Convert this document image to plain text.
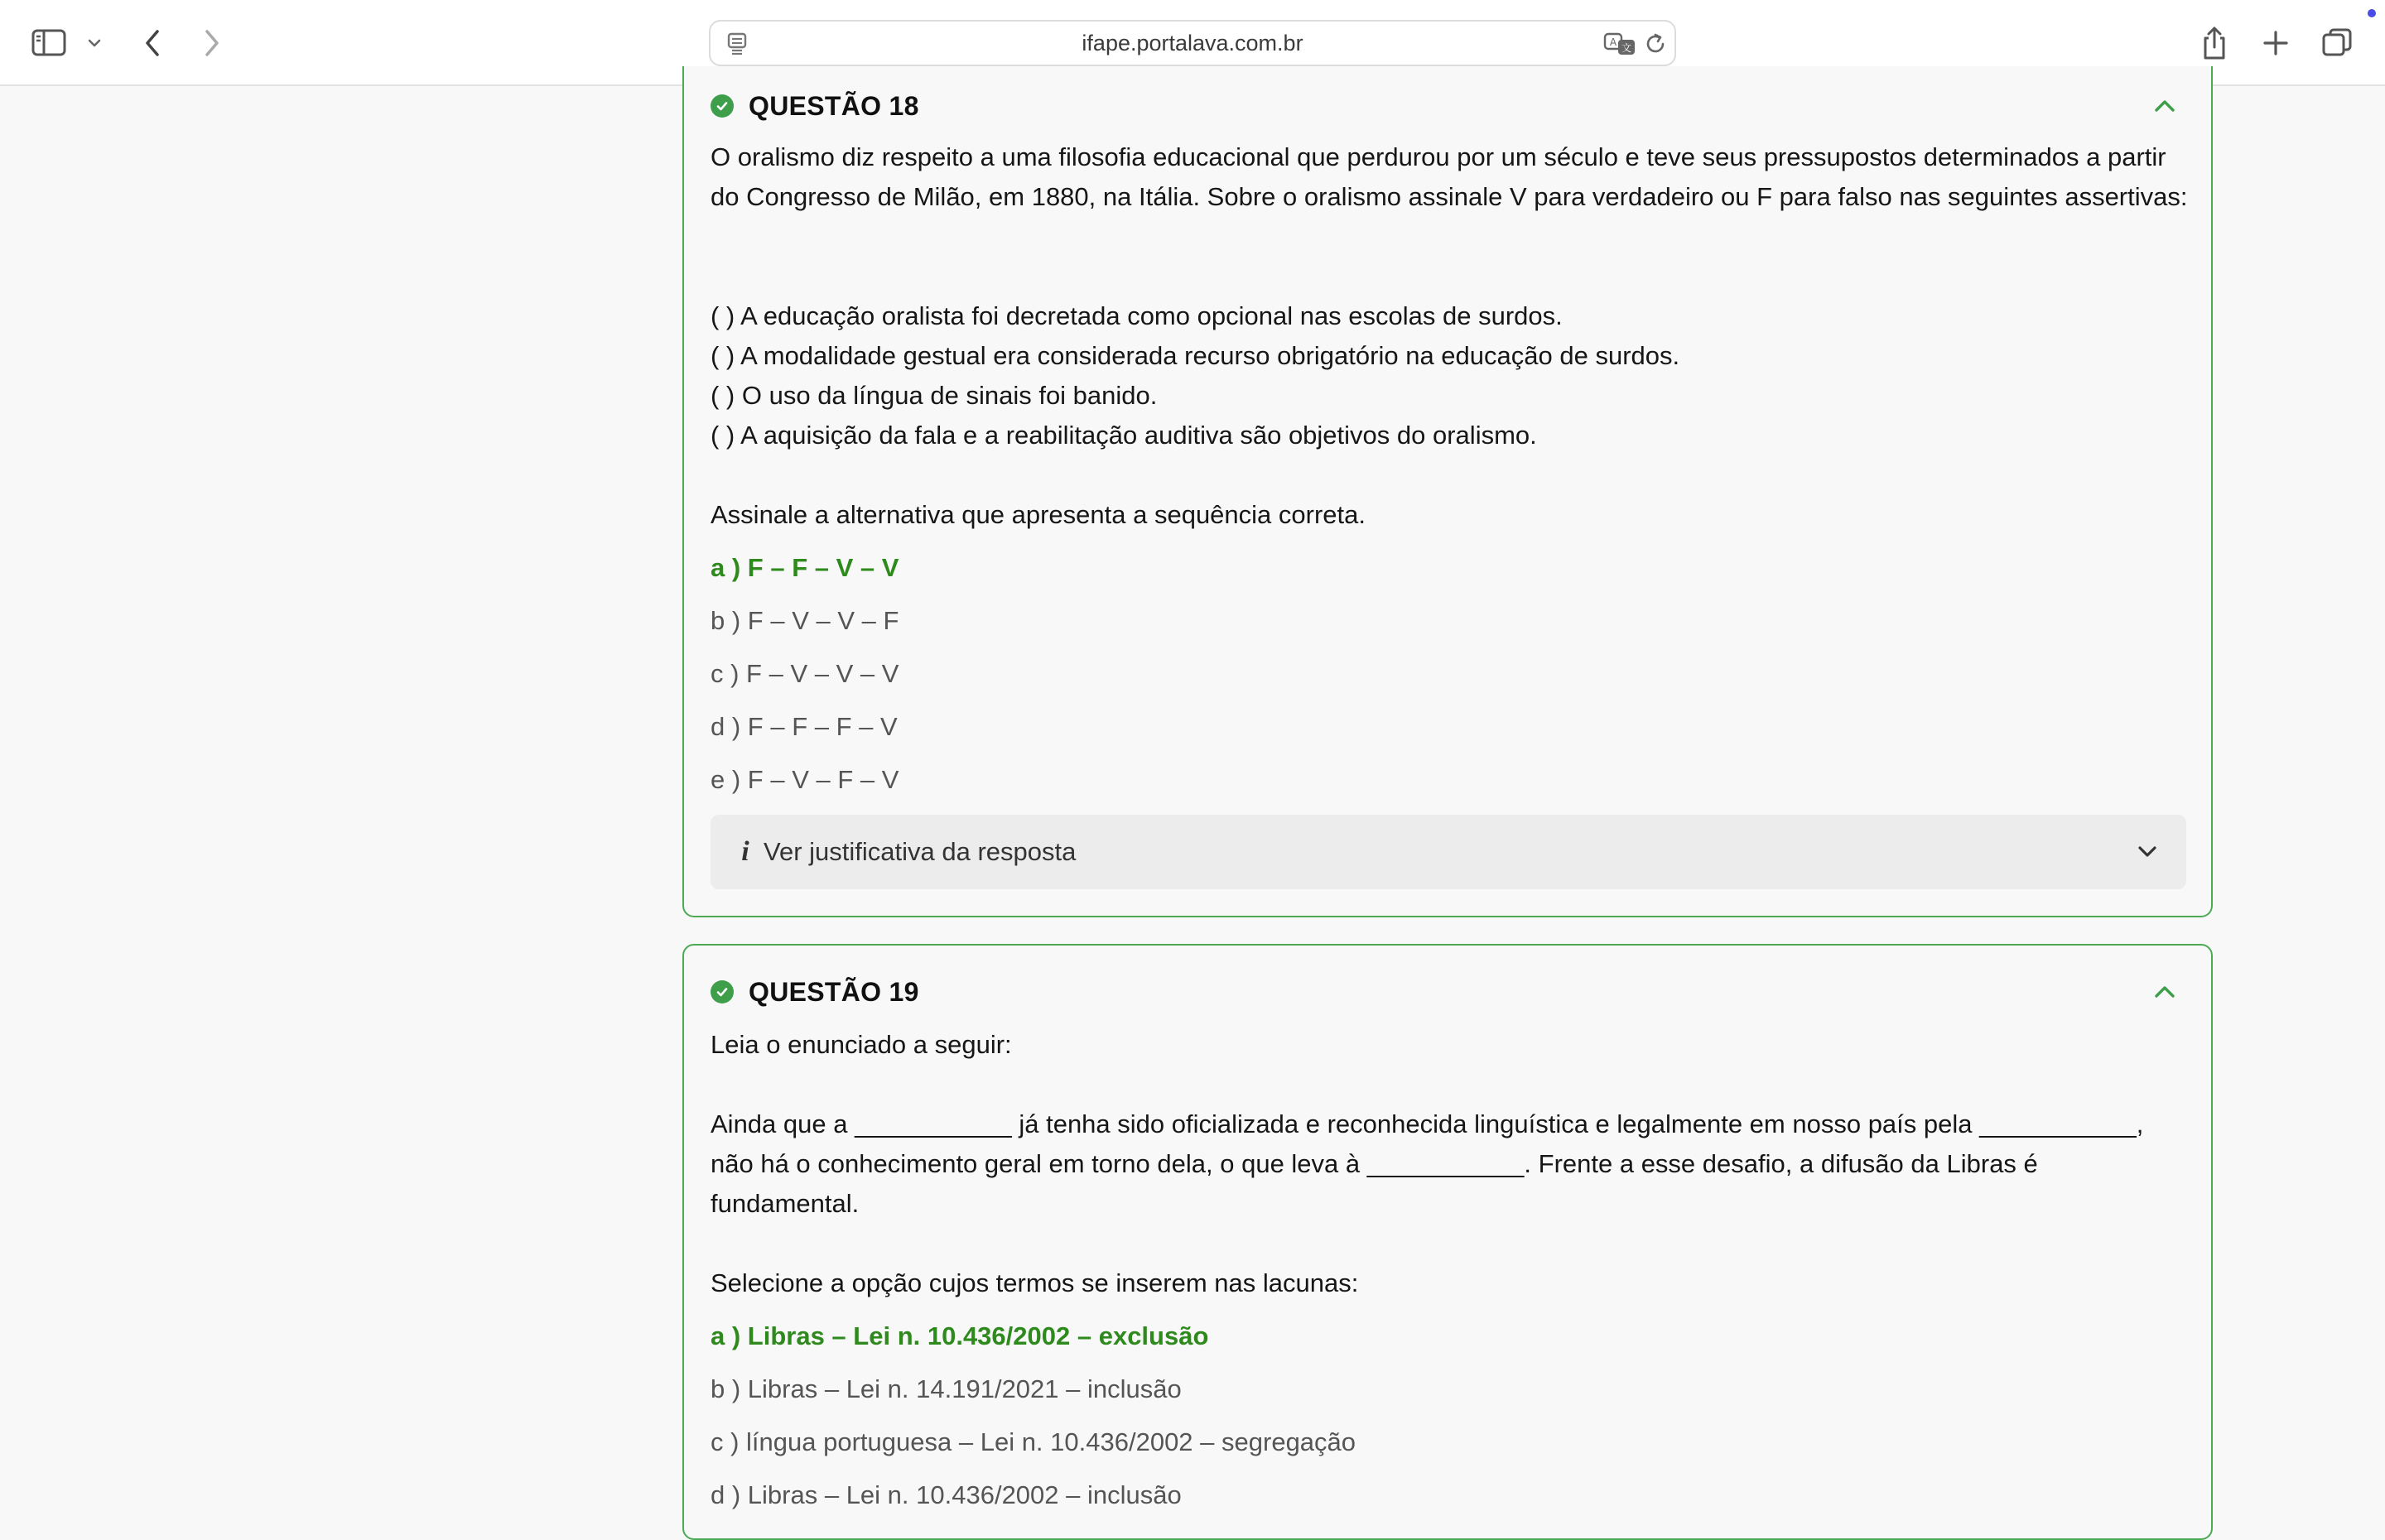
ifape.portalava.com.br	A 文
QUESTÃO 18
O oralismo diz respeito a uma filosofia educacional que perdurou por um século e teve seus pressupostos determinados a partir do Congresso de Milão, em 1880, na Itália. Sobre o oralismo assinale V para verdadeiro ou F para falso nas seguintes assertivas:
( ) A educação oralista foi decretada como opcional nas escolas de surdos.
( ) A modalidade gestual era considerada recurso obrigatório na educação de surdos.
( ) O uso da língua de sinais foi banido.
( ) A aquisição da fala e a reabilitação auditiva são objetivos do oralismo.
Assinale a alternativa que apresenta a sequência correta.
a ) F – F – V – V
b ) F – V – V – F
c ) F – V – V – V
d ) F – F – F – V
e ) F – V – F – V
i Ver justificativa da resposta
QUESTÃO 19
Leia o enunciado a seguir:
Ainda que a ___________ já tenha sido oficializada e reconhecida linguística e legalmente em nosso país pela ___________, não há o conhecimento geral em torno dela, o que leva à ___________. Frente a esse desafio, a difusão da Libras é fundamental.
Selecione a opção cujos termos se inserem nas lacunas:
a ) Libras – Lei n. 10.436/2002 – exclusão
b ) Libras – Lei n. 14.191/2021 – inclusão
c ) língua portuguesa – Lei n. 10.436/2002 – segregação
d ) Libras – Lei n. 10.436/2002 – inclusão
